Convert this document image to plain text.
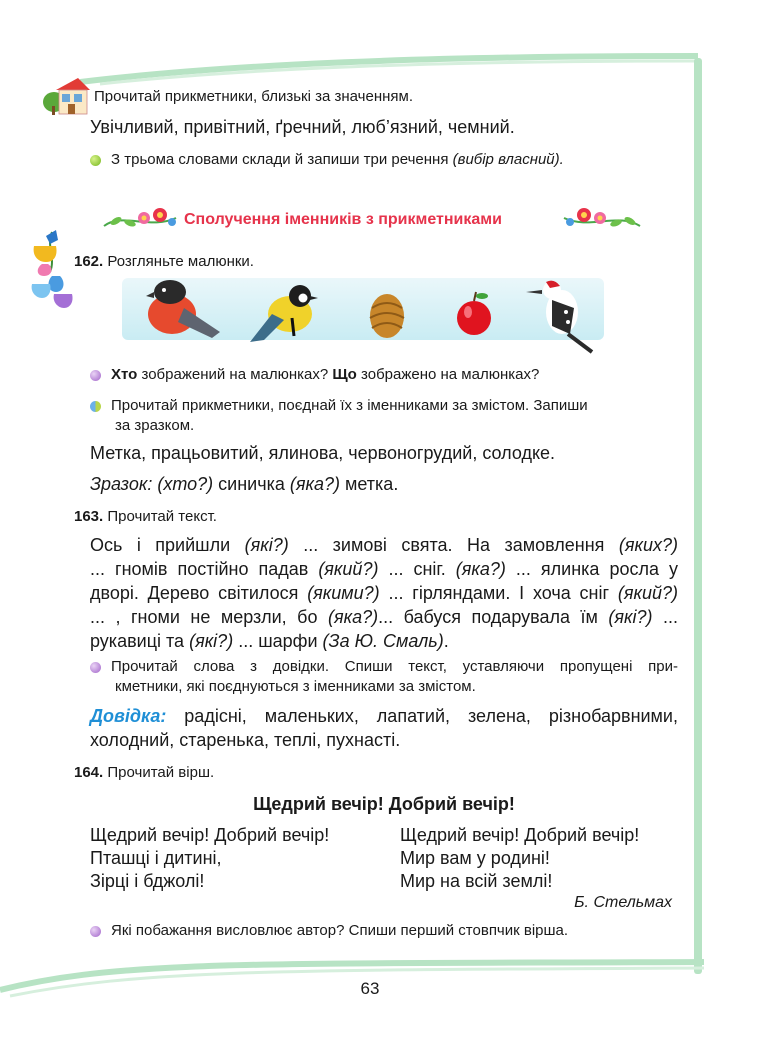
Прочитай прикметники, близькі за значенням.
Увічливий, привітний, ґречний, люб’язний, чемний.
З трьома словами склади й запиши три речення (вибір власний).
Сполучення іменників з прикметниками
162. Розгляньте малюнки.
Хто зображений на малюнках? Що зображено на малюнках?
Прочитай прикметники, поєднай їх з іменниками за змістом. Запиши
за зразком.
Метка, працьовитий, ялинова, червоногрудий, солодке.
Зразок: (хто?) синичка (яка?) метка.
163. Прочитай текст.
Ось і прийшли (які?) ... зимові свята. На замовлення (яких?)
... гномів постійно падав (який?) ... сніг. (яка?) ... ялинка росла у
дворі. Дерево світилося (якими?) ... гірляндами. І хоча сніг (який?)
... , гноми не мерзли, бо (яка?)... бабуся подарувала їм (які?) ...
рукавиці та (які?) ... шарфи (За Ю. Смаль).
Прочитай слова з довідки. Спиши текст, уставляючи пропущені при-
кметники, які поєднуються з іменниками за змістом.
Довідка: радісні, маленьких, лапатий, зелена, різнобарвними,
холодний, старенька, теплі, пухнасті.
164. Прочитай вірш.
Щедрий вечір! Добрий вечір!
Щедрий вечір! Добрий вечір!
Пташці і дитині,
Зірці і бджолі!
Щедрий вечір! Добрий вечір!
Мир вам у родині!
Мир на всій землі!
Б. Стельмах
Які побажання висловлює автор? Спиши перший стовпчик вірша.
63
